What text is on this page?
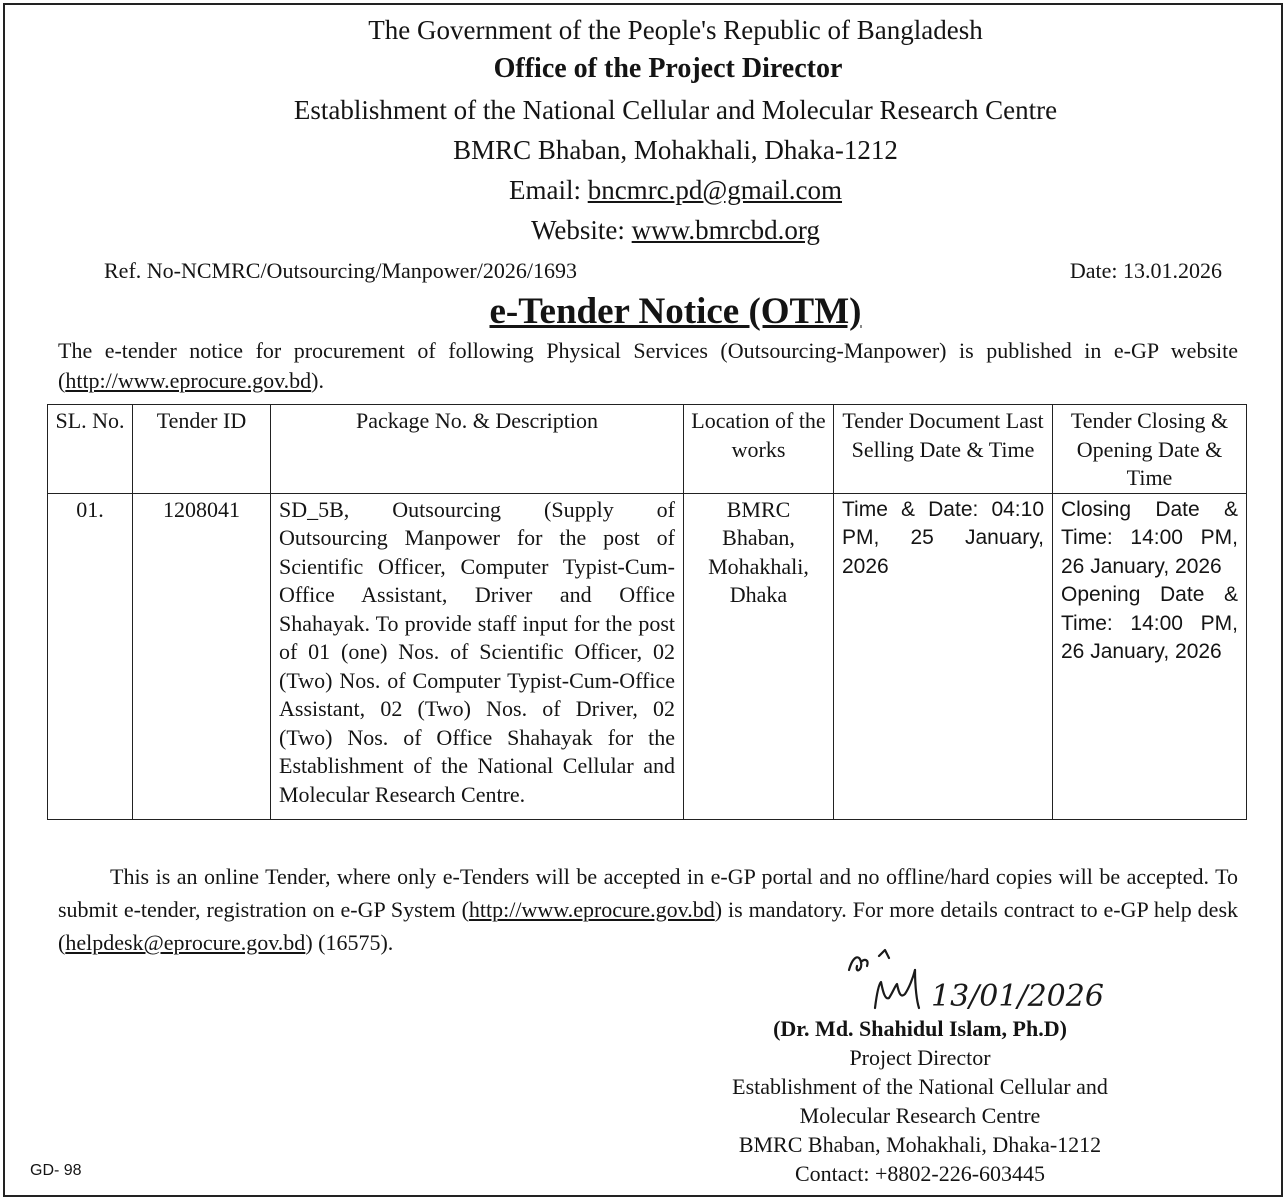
The Government of the People's Republic of Bangladesh
Office of the Project Director
Establishment of the National Cellular and Molecular Research Centre
BMRC Bhaban, Mohakhali, Dhaka-1212
Email: bncmrc.pd@gmail.com
Website: www.bmrcbd.org
Ref. No-NCMRC/Outsourcing/Manpower/2026/1693	Date: 13.01.2026
e-Tender Notice (OTM)
The e-tender notice for procurement of following Physical Services (Outsourcing-Manpower) is published in e-GP website (http://www.eprocure.gov.bd).
SL. No.	Tender ID	Package No. & Description	Location of the works	Tender Document Last Selling Date & Time	Tender Closing & Opening Date & Time
01.	1208041	SD_5B, Outsourcing (Supply of Outsourcing Manpower for the post of Scientific Officer, Computer Typist-Cum-Office Assistant, Driver and Office Shahayak. To provide staff input for the post of 01 (one) Nos. of Scientific Officer, 02 (Two) Nos. of Computer Typist-Cum-Office Assistant, 02 (Two) Nos. of Driver, 02 (Two) Nos. of Office Shahayak for the Establishment of the National Cellular and Molecular Research Centre.	BMRC Bhaban, Mohakhali, Dhaka	Time & Date: 04:10 PM, 25 January, 2026	Closing Date & Time: 14:00 PM, 26 January, 2026
Opening Date & Time: 14:00 PM, 26 January, 2026
This is an online Tender, where only e-Tenders will be accepted in e-GP portal and no offline/hard copies will be accepted. To submit e-tender, registration on e-GP System (http://www.eprocure.gov.bd) is mandatory. For more details contract to e-GP help desk (helpdesk@eprocure.gov.bd) (16575).
13/01/2026
(Dr. Md. Shahidul Islam, Ph.D)
Project Director
Establishment of the National Cellular and
Molecular Research Centre
BMRC Bhaban, Mohakhali, Dhaka-1212
Contact: +8802-226-603445
GD- 98
